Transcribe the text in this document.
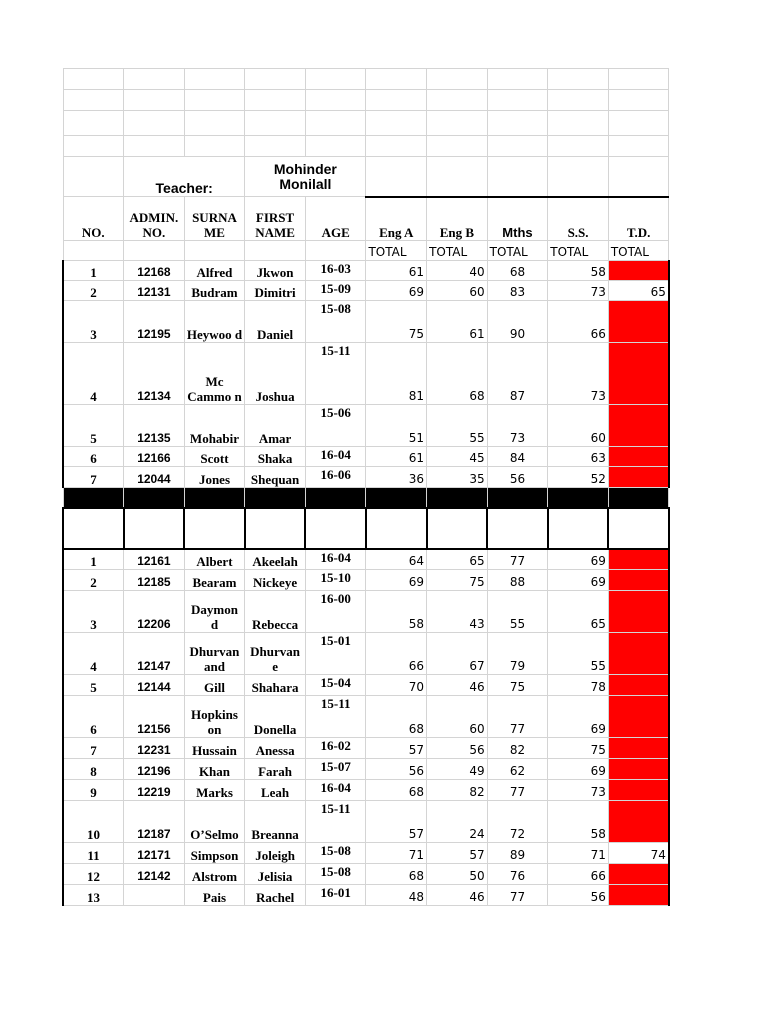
	Teacher:		Mohinder Monilall						
NO.	ADMIN. NO.	SURNA ME	FIRST NAME	AGE	Eng A	Eng B	Mths	S.S.	T.D.
					TOTAL	TOTAL	TOTAL	TOTAL	TOTAL
1	12168	Alfred	Jkwon	16-03	61	40	68	58	
2	12131	Budram	Dimitri	15-09	69	60	83	73	65
3	12195	Heywoo d	Daniel	15-08	75	61	90	66	
4	12134	Mc Cammo n	Joshua	15-11	81	68	87	73	
5	12135	Mohabir	Amar	15-06	51	55	73	60	
6	12166	Scott	Shaka	16-04	61	45	84	63	
7	12044	Jones	Shequan	16-06	36	35	56	52	

1	12161	Albert	Akeelah	16-04	64	65	77	69	
2	12185	Bearam	Nickeye	15-10	69	75	88	69	
3	12206	Daymon d	Rebecca	16-00	58	43	55	65	
4	12147	Dhurvan and	Dhurvan e	15-01	66	67	79	55	
5	12144	Gill	Shahara	15-04	70	46	75	78	
6	12156	Hopkins on	Donella	15-11	68	60	77	69	
7	12231	Hussain	Anessa	16-02	57	56	82	75	
8	12196	Khan	Farah	15-07	56	49	62	69	
9	12219	Marks	Leah	16-04	68	82	77	73	
10	12187	O’Selmo	Breanna	15-11	57	24	72	58	
11	12171	Simpson	Joleigh	15-08	71	57	89	71	74
12	12142	Alstrom	Jelisia	15-08	68	50	76	66	
13		Pais	Rachel	16-01	48	46	77	56	
